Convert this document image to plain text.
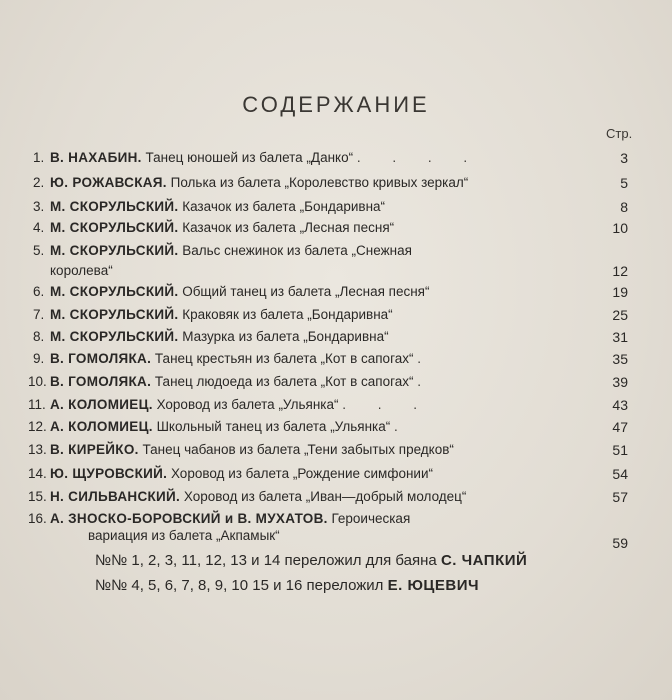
СОДЕРЖАНИЕ
Стр.
1. В. НАХАБИН. Танец юношей из балета „Данко“ . . . .	3
2. Ю. РОЖАВСКАЯ. Полька из балета „Королевство кривых зеркал“	5
3. М. СКОРУЛЬСКИЙ. Казачок из балета „Бондаривна“	8
4. М. СКОРУЛЬСКИЙ. Казачок из балета „Лесная песня“	10
5. М. СКОРУЛЬСКИЙ. Вальс снежинок из балета „Снежная
королева“	12
6. М. СКОРУЛЬСКИЙ. Общий танец из балета „Лесная песня“	19
7. М. СКОРУЛЬСКИЙ. Краковяк из балета „Бондаривна“	25
8. М. СКОРУЛЬСКИЙ. Мазурка из балета „Бондаривна“	31
9. В. ГОМОЛЯКА. Танец крестьян из балета „Кот в сапогах“ .	35
10. В. ГОМОЛЯКА. Танец людоеда из балета „Кот в сапогах“ .	39
11. А. КОЛОМИЕЦ. Хоровод из балета „Ульянка“ . . .	43
12. А. КОЛОМИЕЦ. Школьный танец из балета „Ульянка“ .	47
13. В. КИРЕЙКО. Танец чабанов из балета „Тени забытых предков“	51
14. Ю. ЩУРОВСКИЙ. Хоровод из балета „Рождение симфонии“	54
15. Н. СИЛЬВАНСКИЙ. Хоровод из балета „Иван—добрый молодец“	57
16. А. ЗНОСКО-БОРОВСКИЙ и В. МУХАТОВ. Героическая
вариация из балета „Акпамык“	59
№№ 1, 2, 3, 11, 12, 13 и 14 переложил для баяна С. ЧАПКИЙ
№№ 4, 5, 6, 7, 8, 9, 10 15 и 16 переложил Е. ЮЦЕВИЧ
